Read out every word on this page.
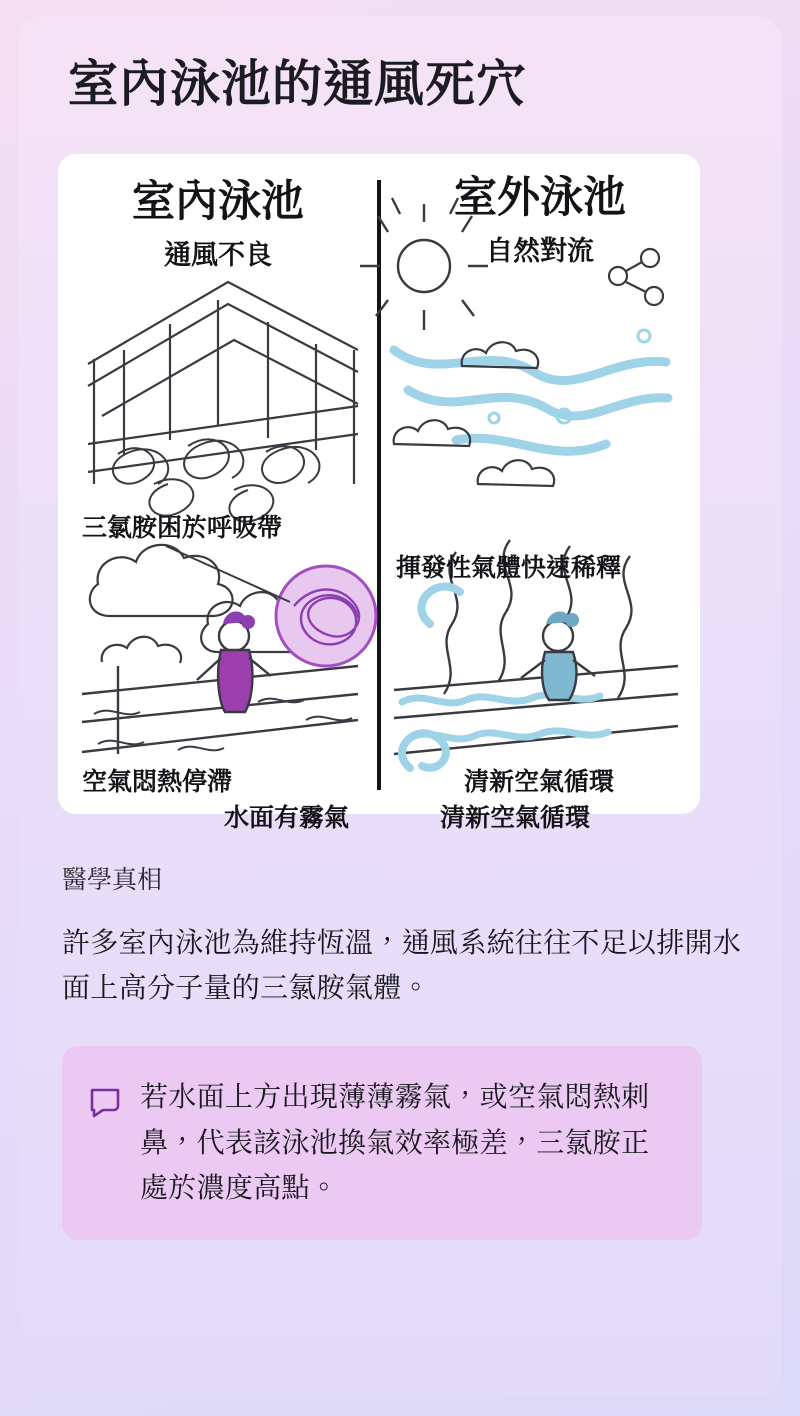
室內泳池的通風死穴
室內泳池
通風不良
室外泳池
自然對流
三氯胺困於呼吸帶
空氣悶熱停滯
水面有霧氣
揮發性氣體快速稀釋
清新空氣循環
清新空氣循環
醫學真相
許多室內泳池為維持恆溫，通風系統往往不足以排開水面上高分子量的三氯胺氣體。
若水面上方出現薄薄霧氣，或空氣悶熱刺鼻，代表該泳池換氣效率極差，三氯胺正處於濃度高點。
